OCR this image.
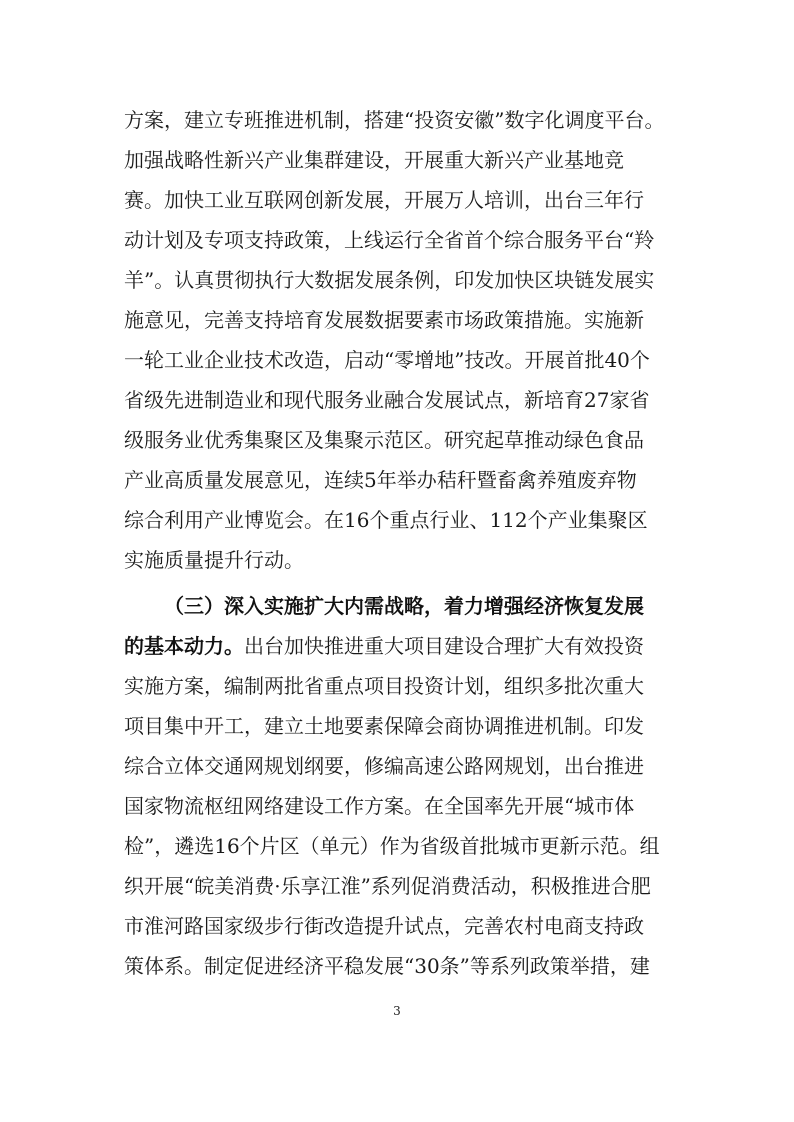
方案，建立专班推进机制，搭建“投资安徽”数字化调度平台。
加强战略性新兴产业集群建设，开展重大新兴产业基地竞
赛。加快工业互联网创新发展，开展万人培训，出台三年行
动计划及专项支持政策，上线运行全省首个综合服务平台“羚
羊”。认真贯彻执行大数据发展条例，印发加快区块链发展实
施意见，完善支持培育发展数据要素市场政策措施。实施新
一轮工业企业技术改造，启动“零增地”技改。开展首批40个
省级先进制造业和现代服务业融合发展试点，新培育27家省
级服务业优秀集聚区及集聚示范区。研究起草推动绿色食品
产业高质量发展意见，连续5年举办秸秆暨畜禽养殖废弃物
综合利用产业博览会。在16个重点行业、112个产业集聚区
实施质量提升行动。
（三）深入实施扩大内需战略，着力增强经济恢复发展
的基本动力。出台加快推进重大项目建设合理扩大有效投资
实施方案，编制两批省重点项目投资计划，组织多批次重大
项目集中开工，建立土地要素保障会商协调推进机制。印发
综合立体交通网规划纲要，修编高速公路网规划，出台推进
国家物流枢纽网络建设工作方案。在全国率先开展“城市体
检”，遴选16个片区（单元）作为省级首批城市更新示范。组
织开展“皖美消费·乐享江淮”系列促消费活动，积极推进合肥
市淮河路国家级步行街改造提升试点，完善农村电商支持政
策体系。制定促进经济平稳发展“30条”等系列政策举措，建
3
